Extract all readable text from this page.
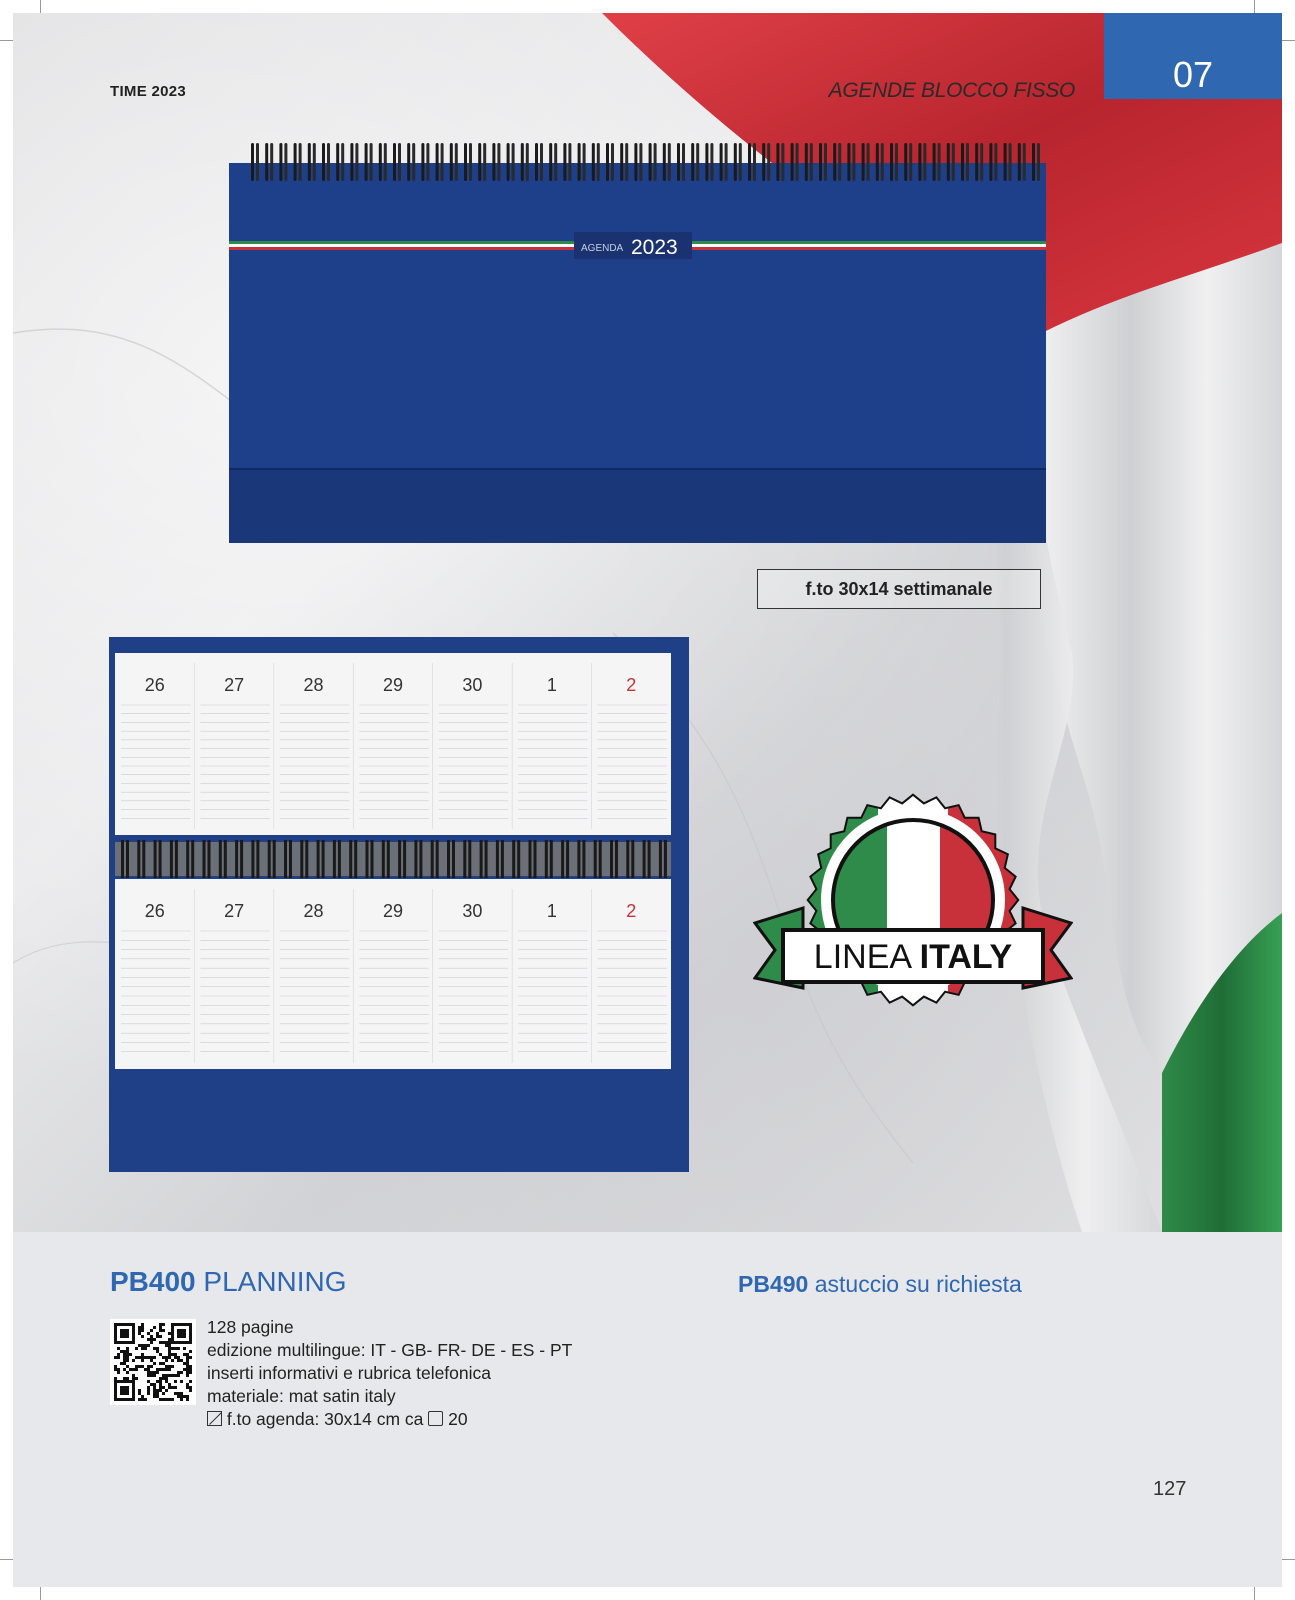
TIME 2023	AGENDE BLOCCO FISSO	07
AGENDA 2023
f.to 30x14 settimanale
26	27	28	29	30	1	2
26	27	28	29	30	1	2
LINEA ITALY
PB400 PLANNING	PB490 astuccio su richiesta
128 pagine
edizione multilingue: IT - GB- FR- DE - ES - PT
inserti informativi e rubrica telefonica
materiale: mat satin italy
f.to agenda: 30x14 cm ca  20
127
